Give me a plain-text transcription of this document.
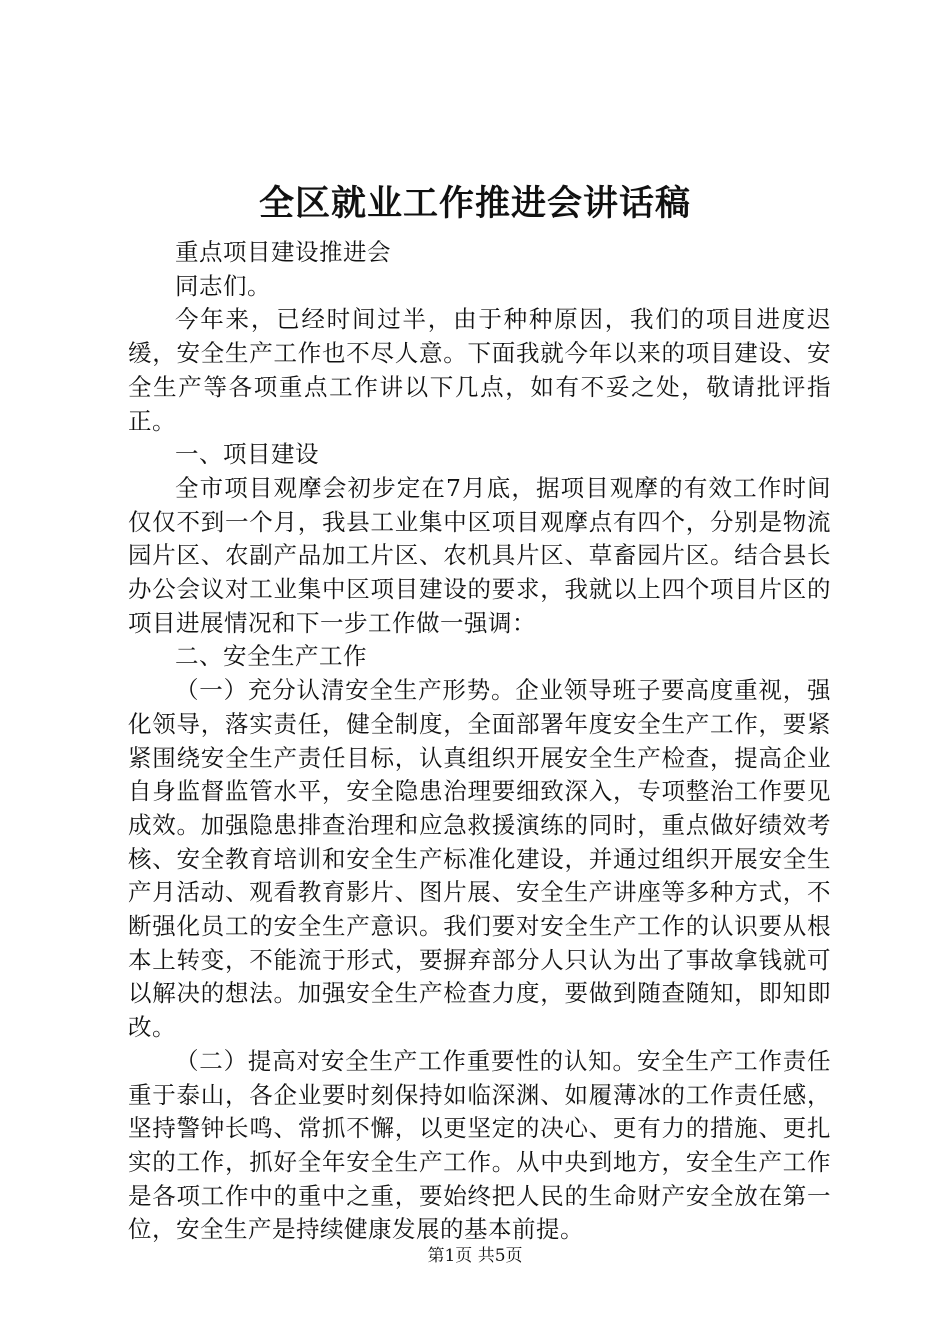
全区就业工作推进会讲话稿

重点项目建设推进会

同志们。

今年来，已经时间过半，由于种种原因，我们的项目进度迟缓，安全生产工作也不尽人意。下面我就今年以来的项目建设、安全生产等各项重点工作讲以下几点，如有不妥之处，敬请批评指正。

一、项目建设

全市项目观摩会初步定在7月底，据项目观摩的有效工作时间仅仅不到一个月，我县工业集中区项目观摩点有四个，分别是物流园片区、农副产品加工片区、农机具片区、草畜园片区。结合县长办公会议对工业集中区项目建设的要求，我就以上四个项目片区的项目进展情况和下一步工作做一强调：

二、安全生产工作

（一）充分认清安全生产形势。企业领导班子要高度重视，强化领导，落实责任，健全制度，全面部署年度安全生产工作，要紧紧围绕安全生产责任目标，认真组织开展安全生产检查，提高企业自身监督监管水平，安全隐患治理要细致深入，专项整治工作要见成效。加强隐患排查治理和应急救援演练的同时，重点做好绩效考核、安全教育培训和安全生产标准化建设，并通过组织开展安全生产月活动、观看教育影片、图片展、安全生产讲座等多种方式，不断强化员工的安全生产意识。我们要对安全生产工作的认识要从根本上转变，不能流于形式，要摒弃部分人只认为出了事故拿钱就可以解决的想法。加强安全生产检查力度，要做到随查随知，即知即改。

（二）提高对安全生产工作重要性的认知。安全生产工作责任重于泰山，各企业要时刻保持如临深渊、如履薄冰的工作责任感，坚持警钟长鸣、常抓不懈，以更坚定的决心、更有力的措施、更扎实的工作，抓好全年安全生产工作。从中央到地方，安全生产工作是各项工作中的重中之重，要始终把人民的生命财产安全放在第一位，安全生产是持续健康发展的基本前提。

第1页 共5页
